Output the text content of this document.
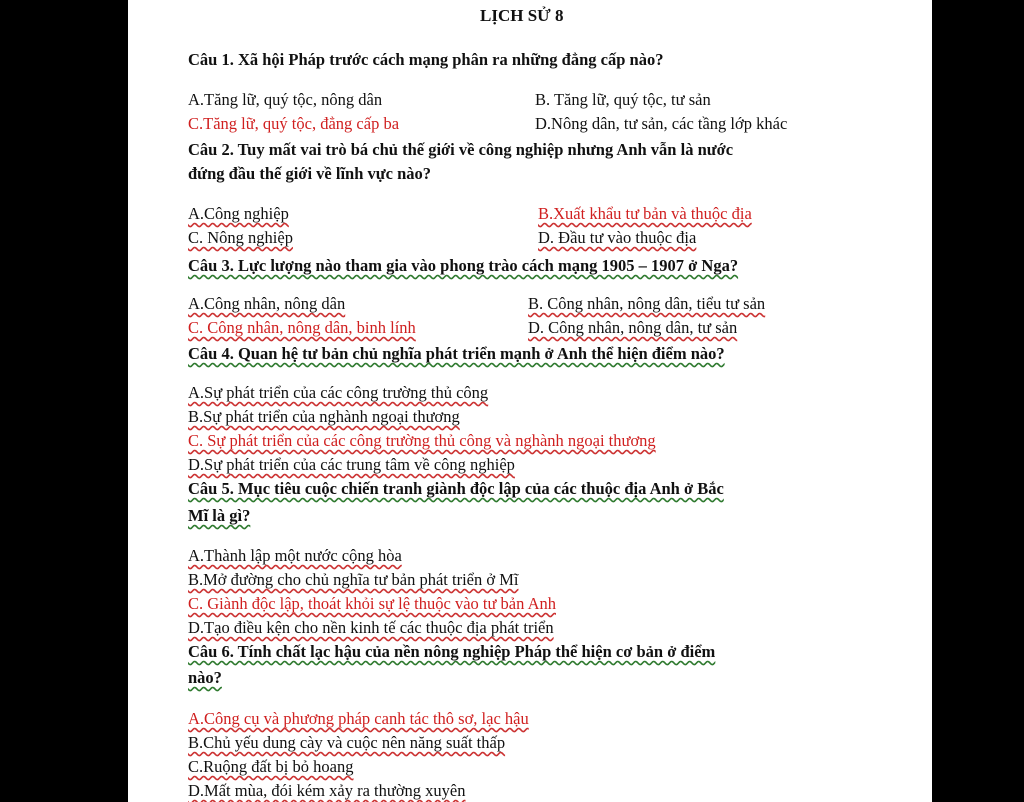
LỊCH SỬ 8
Câu 1. Xã hội Pháp trước cách mạng phân ra những đẳng cấp nào?
A.Tăng lữ, quý tộc, nông dân	B. Tăng lữ, quý tộc, tư sản
C.Tăng lữ, quý tộc, đẳng cấp ba	D.Nông dân, tư sản, các tầng lớp khác
Câu 2. Tuy mất vai trò bá chủ thế giới về công nghiệp nhưng Anh vẫn là nước
đứng đầu thế giới về lĩnh vực nào?
A.Công nghiệp	B.Xuất khẩu tư bản và thuộc địa
C. Nông nghiệp	D. Đầu tư vào thuộc địa
Câu 3. Lực lượng nào tham gia vào phong trào cách mạng 1905 – 1907 ở Nga?
A.Công nhân, nông dân	B. Công nhân, nông dân, tiểu tư sản
C. Công nhân, nông dân, binh lính	D. Công nhân, nông dân, tư sản
Câu 4. Quan hệ tư bản chủ nghĩa phát triển mạnh ở Anh thể hiện điểm nào?
A.Sự phát triển của các công trường thủ công
B.Sự phát triển của nghành ngoại thương
C. Sự phát triển của các công trường thủ công và nghành ngoại thương
D.Sự phát triển của các trung tâm về công nghiệp
Câu 5. Mục tiêu cuộc chiến tranh giành độc lập của các thuộc địa Anh ở Bắc
Mĩ là gì?
A.Thành lập một nước cộng hòa
B.Mở đường cho chủ nghĩa tư bản phát triển ở Mĩ
C. Giành độc lập, thoát khỏi sự lệ thuộc vào tư bản Anh
D.Tạo điều kện cho nền kinh tế các thuộc địa phát triển
Câu 6. Tính chất lạc hậu của nền nông nghiệp Pháp thể hiện cơ bản ở điểm
nào?
A.Công cụ và phương pháp canh tác thô sơ, lạc hậu
B.Chủ yếu dung cày và cuộc nên năng suất thấp
C.Ruộng đất bị bỏ hoang
D.Mất mùa, đói kém xảy ra thường xuyên
